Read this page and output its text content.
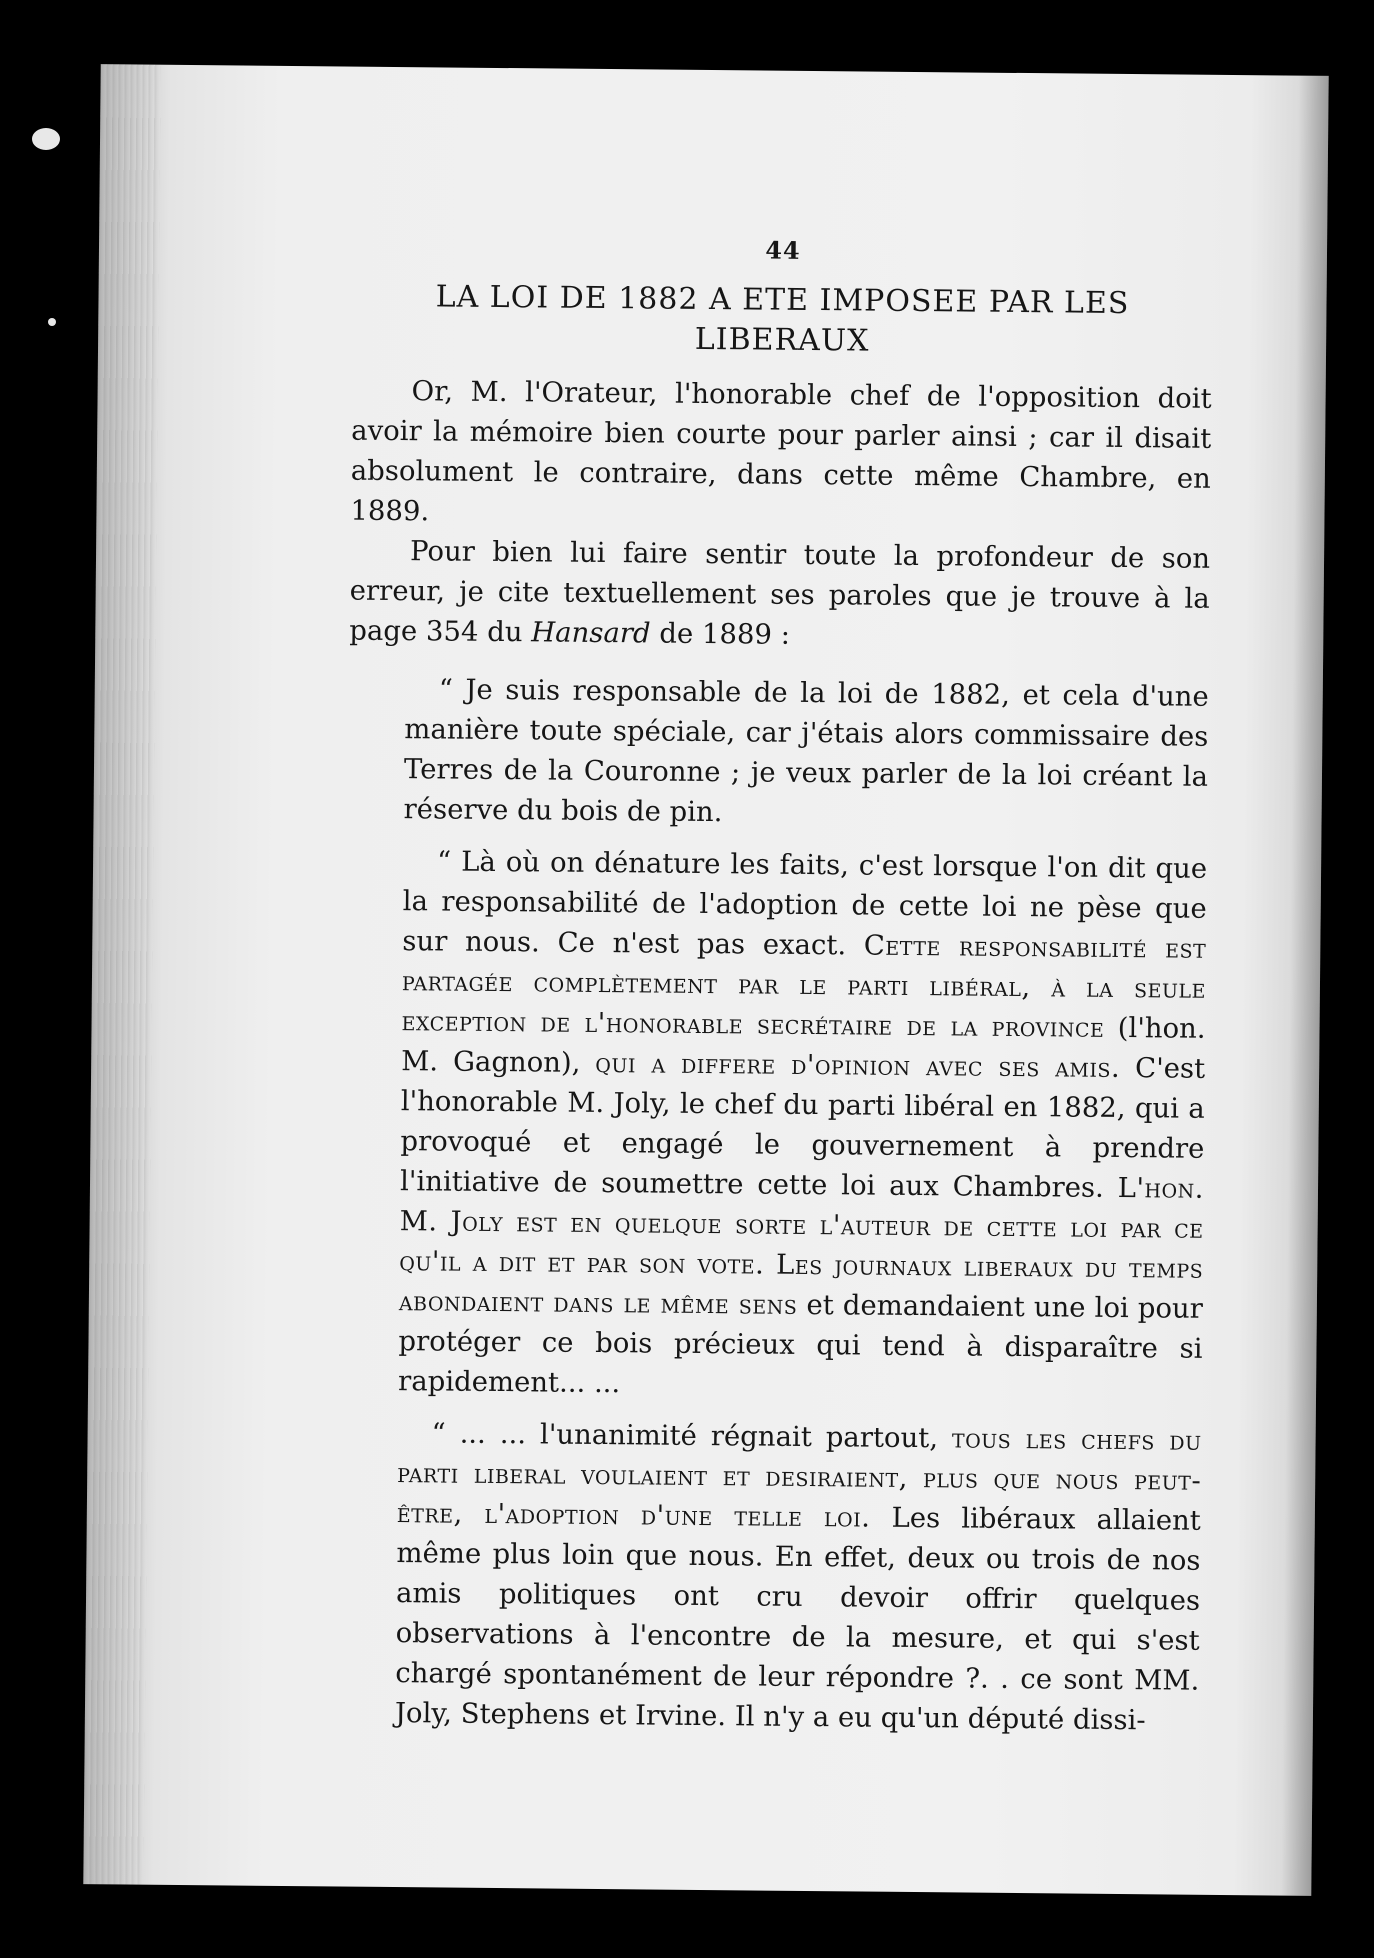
44
LA LOI DE 1882 A ETE IMPOSEE PAR LES
LIBERAUX

Or, M. l'Orateur, l'honorable chef de l'opposition doit avoir la mémoire bien courte pour parler ainsi ; car il disait absolument le contraire, dans cette même Chambre, en 1889.

Pour bien lui faire sentir toute la profondeur de son erreur, je cite textuellement ses paroles que je trouve à la page 354 du Hansard de 1889 :

“ Je suis responsable de la loi de 1882, et cela d'une manière toute spéciale, car j'étais alors commissaire des Terres de la Couronne ; je veux parler de la loi créant la réserve du bois de pin.

“ Là où on dénature les faits, c'est lorsque l'on dit que la responsabilité de l'adoption de cette loi ne pèse que sur nous. Ce n'est pas exact. Cette responsabilité est partagée complètement par le parti libéral, à la seule exception de l'honorable secrétaire de la province (l'hon. M. Gagnon), qui a differe d'opinion avec ses amis. C'est l'honorable M. Joly, le chef du parti libéral en 1882, qui a provoqué et engagé le gouvernement à prendre l'initiative de soumettre cette loi aux Chambres. L'hon. M. Joly est en quelque sorte l'auteur de cette loi par ce qu'il a dit et par son vote. Les journaux liberaux du temps abondaient dans le même sens et demandaient une loi pour protéger ce bois précieux qui tend à disparaître si rapidement... ...

“ ... ... l'unanimité régnait partout, tous les chefs du parti liberal voulaient et desiraient, plus que nous peut-être, l'adoption d'une telle loi. Les libéraux allaient même plus loin que nous. En effet, deux ou trois de nos amis politiques ont cru devoir offrir quelques observations à l'encontre de la mesure, et qui s'est chargé spontanément de leur répondre ?. . ce sont MM. Joly, Stephens et Irvine. Il n'y a eu qu'un député dissi-
